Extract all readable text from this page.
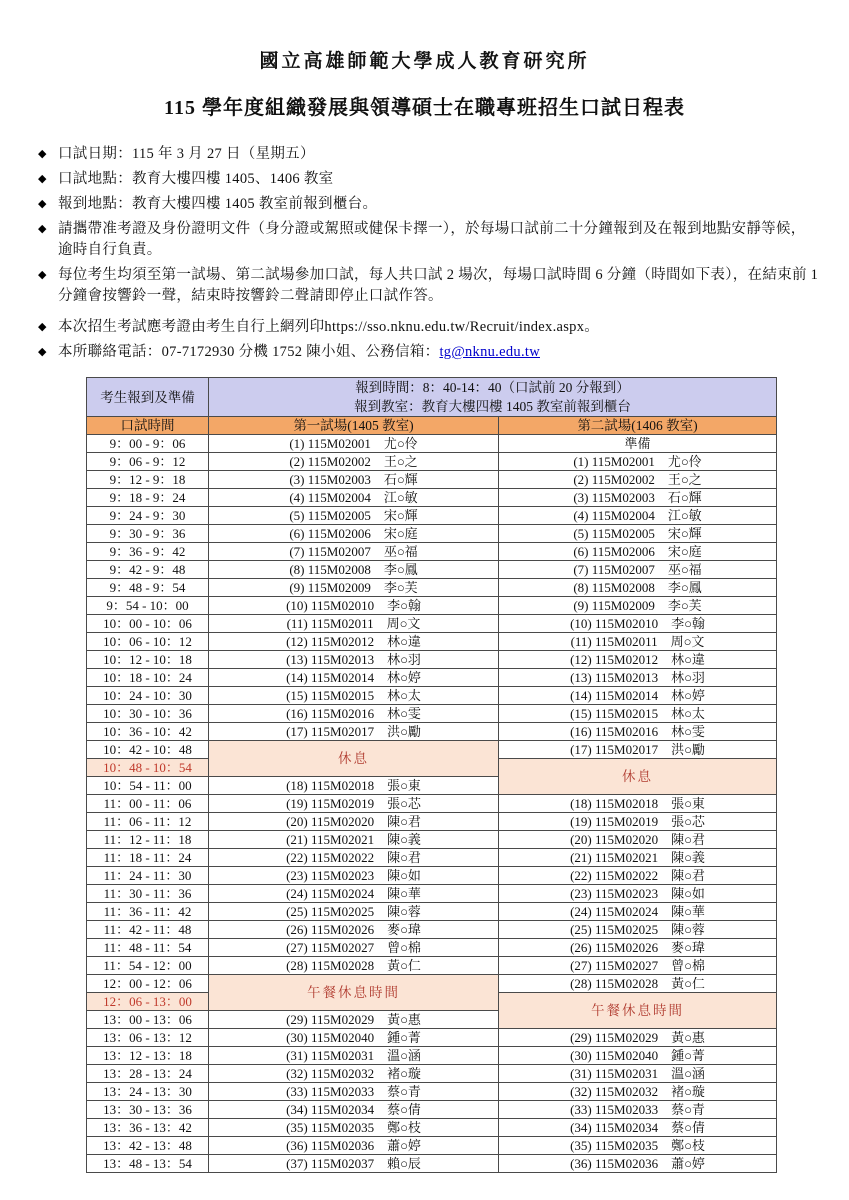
國立高雄師範大學成人教育研究所
115 學年度組織發展與領導碩士在職專班招生口試日程表
◆ 口試日期：115 年 3 月 27 日（星期五）
◆ 口試地點：教育大樓四樓 1405、1406 教室
◆ 報到地點：教育大樓四樓 1405 教室前報到櫃台。
◆ 請攜帶准考證及身份證明文件（身分證或駕照或健保卡擇一），於每場口試前二十分鐘報到及在報到地點安靜等候，逾時自行負責。
◆ 每位考生均須至第一試場、第二試場參加口試，每人共口試 2 場次，每場口試時間 6 分鐘（時間如下表），在結束前 1 分鐘會按響鈴一聲，結束時按響鈴二聲請即停止口試作答。
◆ 本次招生考試應考證由考生自行上網列印https://sso.nknu.edu.tw/Recruit/index.aspx。
◆ 本所聯絡電話：07-7172930 分機 1752 陳小姐、公務信箱：tg@nknu.edu.tw
考生報到及準備	報到時間：8：40-14：40（口試前 20 分報到）
報到教室：教育大樓四樓 1405 教室前報到櫃台	

口試時間	第一試場(1405 教室)	第二試場(1406 教室)
9：00 - 9：06	(1) 115M02001　尤○伶	準備
9：06 - 9：12	(2) 115M02002　王○之	(1) 115M02001　尤○伶
9：12 - 9：18	(3) 115M02003　石○輝	(2) 115M02002　王○之
9：18 - 9：24	(4) 115M02004　江○敏	(3) 115M02003　石○輝
9：24 - 9：30	(5) 115M02005　宋○輝	(4) 115M02004　江○敏
9：30 - 9：36	(6) 115M02006　宋○庭	(5) 115M02005　宋○輝
9：36 - 9：42	(7) 115M02007　巫○福	(6) 115M02006　宋○庭
9：42 - 9：48	(8) 115M02008　李○鳳	(7) 115M02007　巫○福
9：48 - 9：54	(9) 115M02009　李○芙	(8) 115M02008　李○鳳
9：54 - 10：00	(10) 115M02010　李○翰	(9) 115M02009　李○芙
10：00 - 10：06	(11) 115M02011　周○文	(10) 115M02010　李○翰
10：06 - 10：12	(12) 115M02012　林○違	(11) 115M02011　周○文
10：12 - 10：18	(13) 115M02013　林○羽	(12) 115M02012　林○違
10：18 - 10：24	(14) 115M02014　林○婷	(13) 115M02013　林○羽
10：24 - 10：30	(15) 115M02015　林○太	(14) 115M02014　林○婷
10：30 - 10：36	(16) 115M02016　林○雯	(15) 115M02015　林○太
10：36 - 10：42	(17) 115M02017　洪○勵	(16) 115M02016　林○雯
10：42 - 10：48	休息	(17) 115M02017　洪○勵
10：48 - 10：54		休息
10：54 - 11：00	(18) 115M02018　張○東	
11：00 - 11：06	(19) 115M02019　張○芯	(18) 115M02018　張○東
11：06 - 11：12	(20) 115M02020　陳○君	(19) 115M02019　張○芯
11：12 - 11：18	(21) 115M02021　陳○義	(20) 115M02020　陳○君
11：18 - 11：24	(22) 115M02022　陳○君	(21) 115M02021　陳○義
11：24 - 11：30	(23) 115M02023　陳○如	(22) 115M02022　陳○君
11：30 - 11：36	(24) 115M02024　陳○華	(23) 115M02023　陳○如
11：36 - 11：42	(25) 115M02025　陳○蓉	(24) 115M02024　陳○華
11：42 - 11：48	(26) 115M02026　麥○瑋	(25) 115M02025　陳○蓉
11：48 - 11：54	(27) 115M02027　曾○棉	(26) 115M02026　麥○瑋
11：54 - 12：00	(28) 115M02028　黃○仁	(27) 115M02027　曾○棉
12：00 - 12：06	午餐休息時間	(28) 115M02028　黃○仁
12：06 - 13：00		午餐休息時間
13：00 - 13：06	(29) 115M02029　黃○惠	
13：06 - 13：12	(30) 115M02040　鍾○菁	(29) 115M02029　黃○惠
13：12 - 13：18	(31) 115M02031　溫○涵	(30) 115M02040　鍾○菁
13：28 - 13：24	(32) 115M02032　褚○璇	(31) 115M02031　溫○涵
13：24 - 13：30	(33) 115M02033　蔡○青	(32) 115M02032　褚○璇
13：30 - 13：36	(34) 115M02034　蔡○倩	(33) 115M02033　蔡○青
13：36 - 13：42	(35) 115M02035　鄭○枝	(34) 115M02034　蔡○倩
13：42 - 13：48	(36) 115M02036　蕭○婷	(35) 115M02035　鄭○枝
13：48 - 13：54	(37) 115M02037　賴○辰	(36) 115M02036　蕭○婷
